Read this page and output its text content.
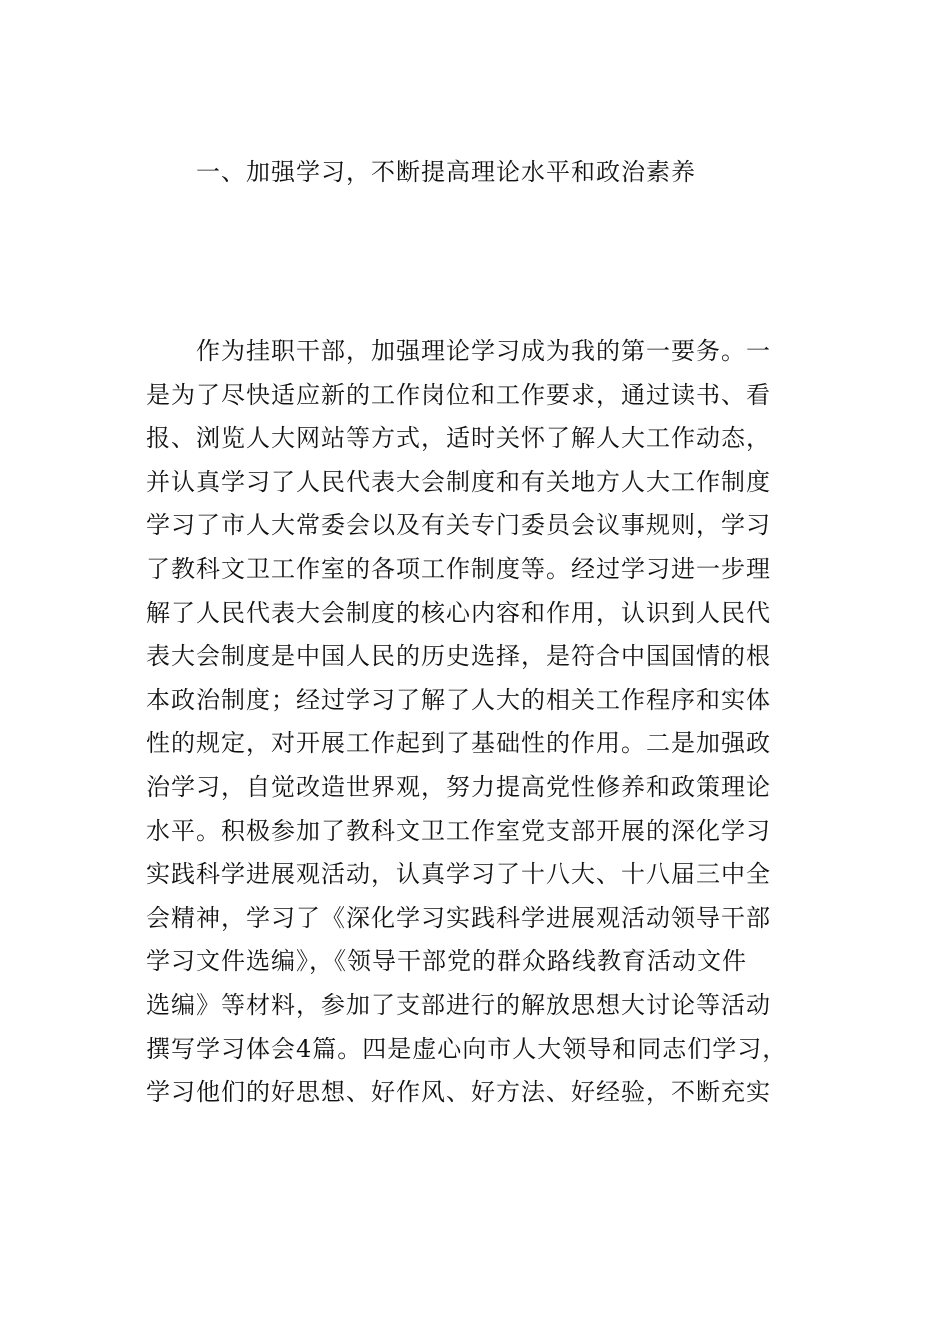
一、加强学习，不断提高理论水平和政治素养
作为挂职干部，加强理论学习成为我的第一要务。一
是为了尽快适应新的工作岗位和工作要求，通过读书、看
报、浏览人大网站等方式，适时关怀了解人大工作动态，
并认真学习了人民代表大会制度和有关地方人大工作制度
学习了市人大常委会以及有关专门委员会议事规则，学习
了教科文卫工作室的各项工作制度等。经过学习进一步理
解了人民代表大会制度的核心内容和作用，认识到人民代
表大会制度是中国人民的历史选择，是符合中国国情的根
本政治制度；经过学习了解了人大的相关工作程序和实体
性的规定，对开展工作起到了基础性的作用。二是加强政
治学习，自觉改造世界观，努力提高党性修养和政策理论
水平。积极参加了教科文卫工作室党支部开展的深化学习
实践科学进展观活动，认真学习了十八大、十八届三中全
会精神，学习了《深化学习实践科学进展观活动领导干部
学习文件选编》，《领导干部党的群众路线教育活动文件
选编》等材料，参加了支部进行的解放思想大讨论等活动
撰写学习体会4篇。四是虚心向市人大领导和同志们学习，
学习他们的好思想、好作风、好方法、好经验，不断充实
